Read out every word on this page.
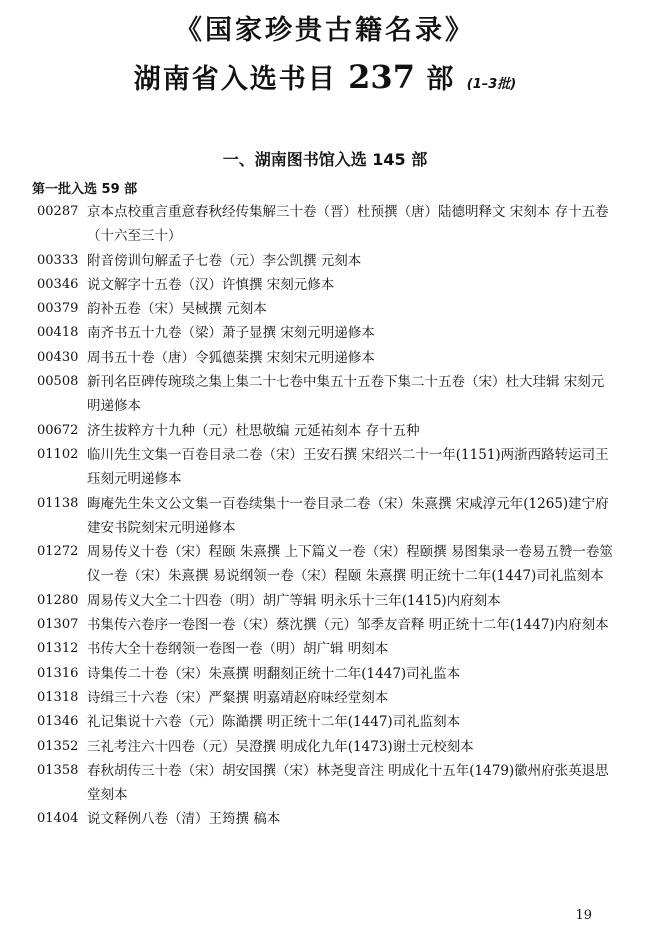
《国家珍贵古籍名录》
湖南省入选书目 237 部 (1–3批)
一、湖南图书馆入选 145 部
第一批入选 59 部
00287 京本点校重言重意春秋经传集解三十卷（晋）杜预撰（唐）陆德明释文 宋刻本 存十五卷（十六至三十）
00333 附音傍训句解孟子七卷（元）李公凯撰 元刻本
00346 说文解字十五卷（汉）许慎撰 宋刻元修本
00379 韵补五卷（宋）吴棫撰 元刻本
00418 南齐书五十九卷（梁）萧子显撰 宋刻元明递修本
00430 周书五十卷（唐）令狐德棻撰 宋刻宋元明递修本
00508 新刊名臣碑传琬琰之集上集二十七卷中集五十五卷下集二十五卷（宋）杜大珪辑 宋刻元明递修本
00672 济生拔粹方十九种（元）杜思敬编 元延祐刻本 存十五种
01102 临川先生文集一百卷目录二卷（宋）王安石撰 宋绍兴二十一年(1151)两浙西路转运司王珏刻元明递修本
01138 晦庵先生朱文公文集一百卷续集十一卷目录二卷（宋）朱熹撰 宋咸淳元年(1265)建宁府建安书院刻宋元明递修本
01272 周易传义十卷（宋）程颐 朱熹撰 上下篇义一卷（宋）程颐撰 易图集录一卷易五赞一卷筮仪一卷（宋）朱熹撰 易说纲领一卷（宋）程颐 朱熹撰 明正统十二年(1447)司礼监刻本
01280 周易传义大全二十四卷（明）胡广等辑 明永乐十三年(1415)内府刻本
01307 书集传六卷序一卷图一卷（宋）蔡沈撰（元）邹季友音释 明正统十二年(1447)内府刻本
01312 书传大全十卷纲领一卷图一卷（明）胡广辑 明刻本
01316 诗集传二十卷（宋）朱熹撰 明翻刻正统十二年(1447)司礼监本
01318 诗缉三十六卷（宋）严粲撰 明嘉靖赵府味经堂刻本
01346 礼记集说十六卷（元）陈澔撰 明正统十二年(1447)司礼监刻本
01352 三礼考注六十四卷（元）吴澄撰 明成化九年(1473)谢士元校刻本
01358 春秋胡传三十卷（宋）胡安国撰（宋）林尧叟音注 明成化十五年(1479)徽州府张英退思堂刻本
01404 说文释例八卷（清）王筠撰 稿本
19
